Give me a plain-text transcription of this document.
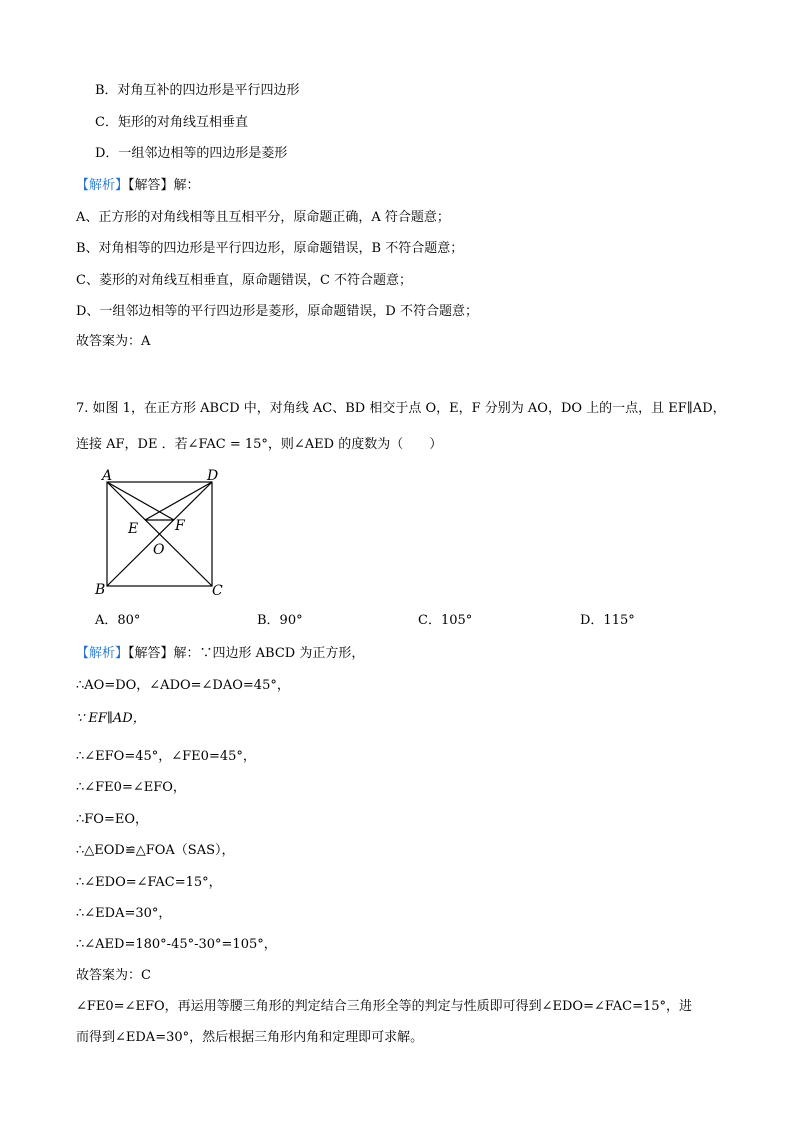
B．对角互补的四边形是平行四边形
C．矩形的对角线互相垂直
D．一组邻边相等的四边形是菱形
【解析】【解答】解：
A、正方形的对角线相等且互相平分，原命题正确，A 符合题意；
B、对角相等的四边形是平行四边形，原命题错误，B 不符合题意；
C、菱形的对角线互相垂直，原命题错误，C 不符合题意；
D、一组邻边相等的平行四边形是菱形，原命题错误，D 不符合题意；
故答案为：A
7. 如图 1，在正方形 ABCD 中，对角线 AC、BD 相交于点 O，E，F 分别为 AO，DO 上的一点，且 EF∥AD，
连接 AF，DE ．若∠FAC = 15°，则∠AED 的度数为（　　）
A	D
B	C
E	F
O
A．80°	B．90°	C．105°	D．115°
【解析】【解答】解：∵四边形 ABCD 为正方形，
∴AO=DO，∠ADO=∠DAO=45°，
∵ EF∥AD，
∴∠EFO=45°，∠FE0=45°，
∴∠FE0=∠EFO，
∴FO=EO，
∴△EOD≌△FOA（SAS），
∴∠EDO=∠FAC=15°，
∴∠EDA=30°，
∴∠AED=180°-45°-30°=105°，
故答案为：C
∠FE0=∠EFO，再运用等腰三角形的判定结合三角形全等的判定与性质即可得到∠EDO=∠FAC=15°，进
而得到∠EDA=30°，然后根据三角形内角和定理即可求解。
